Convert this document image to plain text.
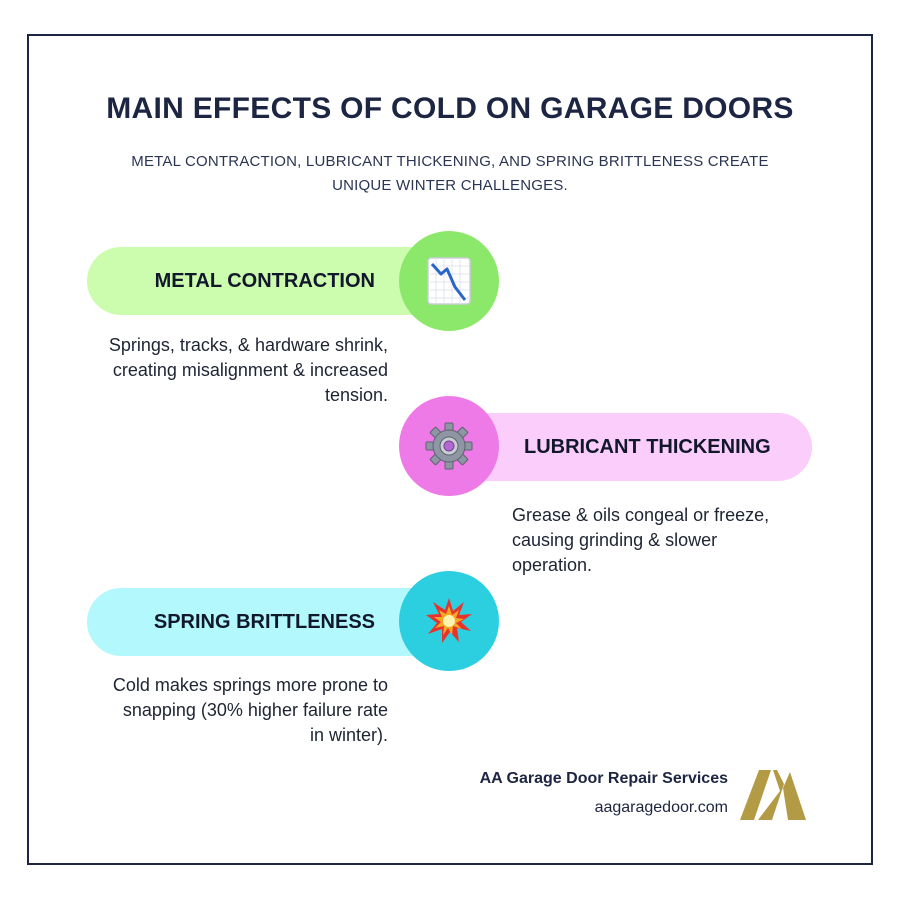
MAIN EFFECTS OF COLD ON GARAGE DOORS
METAL CONTRACTION, LUBRICANT THICKENING, AND SPRING BRITTLENESS CREATE UNIQUE WINTER CHALLENGES.
METAL CONTRACTION
Springs, tracks, & hardware shrink, creating misalignment & increased tension.
LUBRICANT THICKENING
Grease & oils congeal or freeze, causing grinding & slower operation.
SPRING BRITTLENESS
Cold makes springs more prone to snapping (30% higher failure rate in winter).
AA Garage Door Repair Services
aagaragedoor.com
